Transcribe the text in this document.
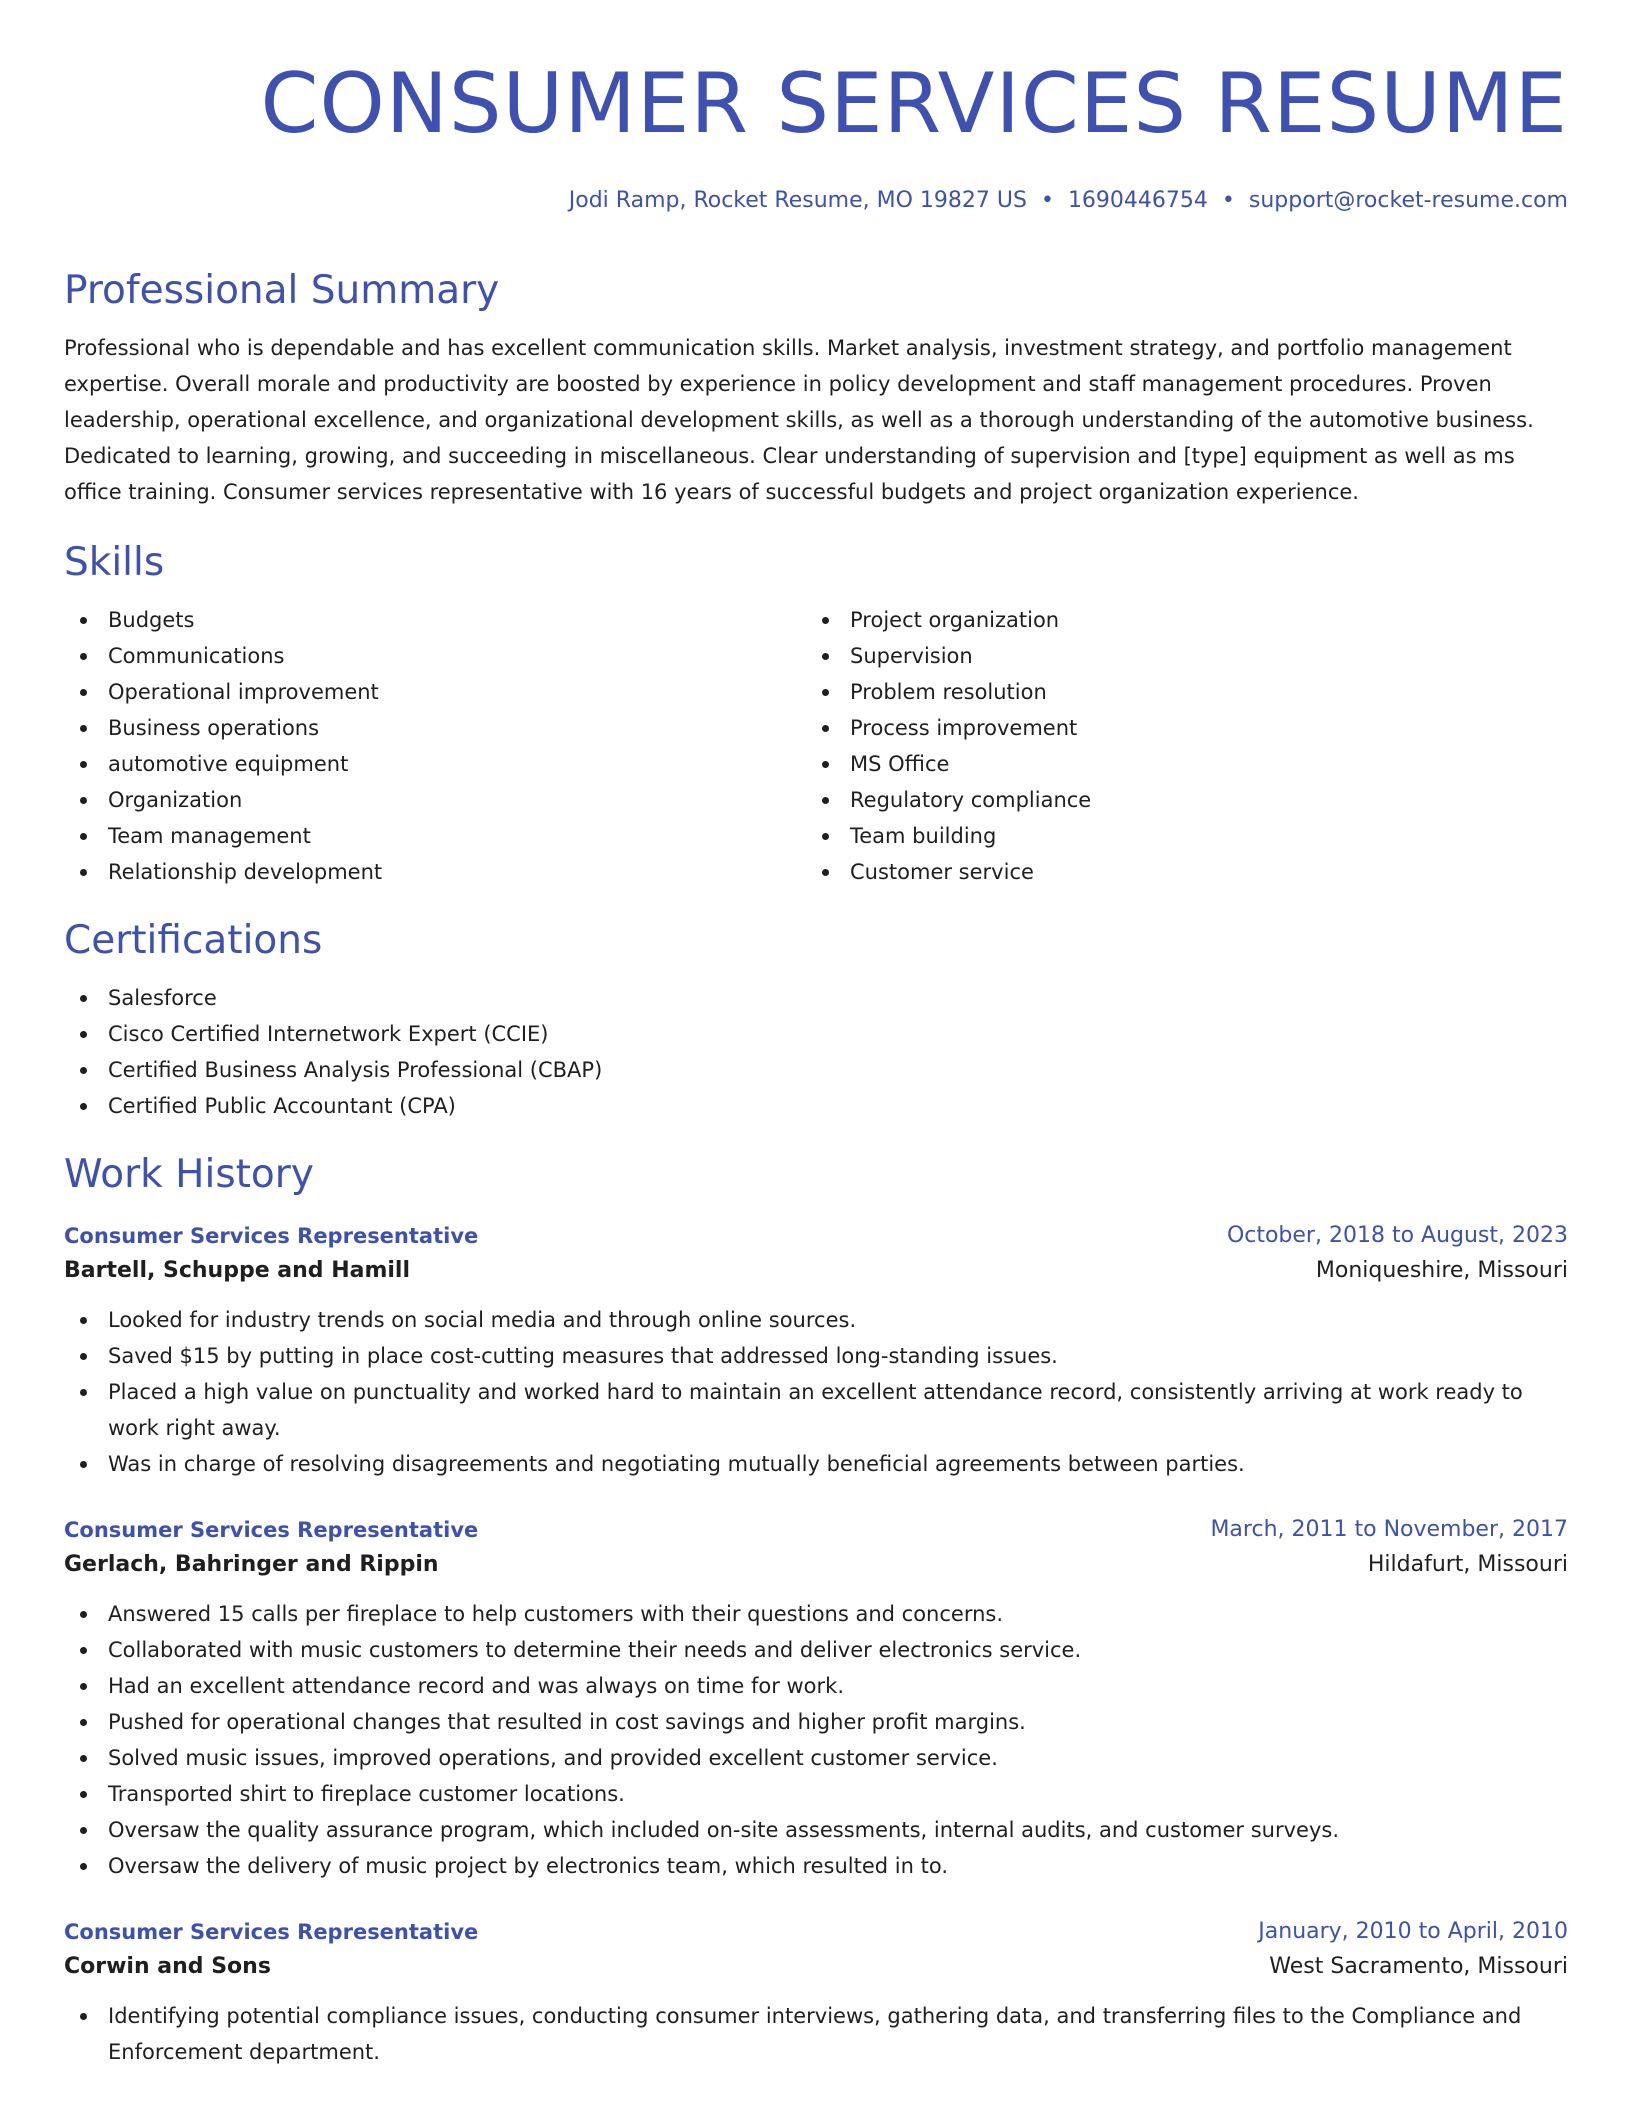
CONSUMER SERVICES RESUME
Jodi Ramp, Rocket Resume, MO 19827 US • 1690446754 • support@rocket-resume.com
Professional Summary

Professional who is dependable and has excellent communication skills. Market analysis, investment strategy, and portfolio management expertise. Overall morale and productivity are boosted by experience in policy development and staff management procedures. Proven leadership, operational excellence, and organizational development skills, as well as a thorough understanding of the automotive business. Dedicated to learning, growing, and succeeding in miscellaneous. Clear understanding of supervision and [type] equipment as well as ms office training. Consumer services representative with 16 years of successful budgets and project organization experience.

Skills
Budgets
Communications
Operational improvement
Business operations
automotive equipment
Organization
Team management
Relationship development
Project organization
Supervision
Problem resolution
Process improvement
MS Office
Regulatory compliance
Team building
Customer service
Certifications
Salesforce
Cisco Certified Internetwork Expert (CCIE)
Certified Business Analysis Professional (CBAP)
Certified Public Accountant (CPA)
Work History
Consumer Services Representative	October, 2018 to August, 2023
Bartell, Schuppe and Hamill	Moniqueshire, Missouri
Looked for industry trends on social media and through online sources.
Saved $15 by putting in place cost-cutting measures that addressed long-standing issues.
Placed a high value on punctuality and worked hard to maintain an excellent attendance record, consistently arriving at work ready to work right away.
Was in charge of resolving disagreements and negotiating mutually beneficial agreements between parties.
Consumer Services Representative	March, 2011 to November, 2017
Gerlach, Bahringer and Rippin	Hildafurt, Missouri
Answered 15 calls per fireplace to help customers with their questions and concerns.
Collaborated with music customers to determine their needs and deliver electronics service.
Had an excellent attendance record and was always on time for work.
Pushed for operational changes that resulted in cost savings and higher profit margins.
Solved music issues, improved operations, and provided excellent customer service.
Transported shirt to fireplace customer locations.
Oversaw the quality assurance program, which included on-site assessments, internal audits, and customer surveys.
Oversaw the delivery of music project by electronics team, which resulted in to.
Consumer Services Representative	January, 2010 to April, 2010
Corwin and Sons	West Sacramento, Missouri
Identifying potential compliance issues, conducting consumer interviews, gathering data, and transferring files to the Compliance and Enforcement department.
